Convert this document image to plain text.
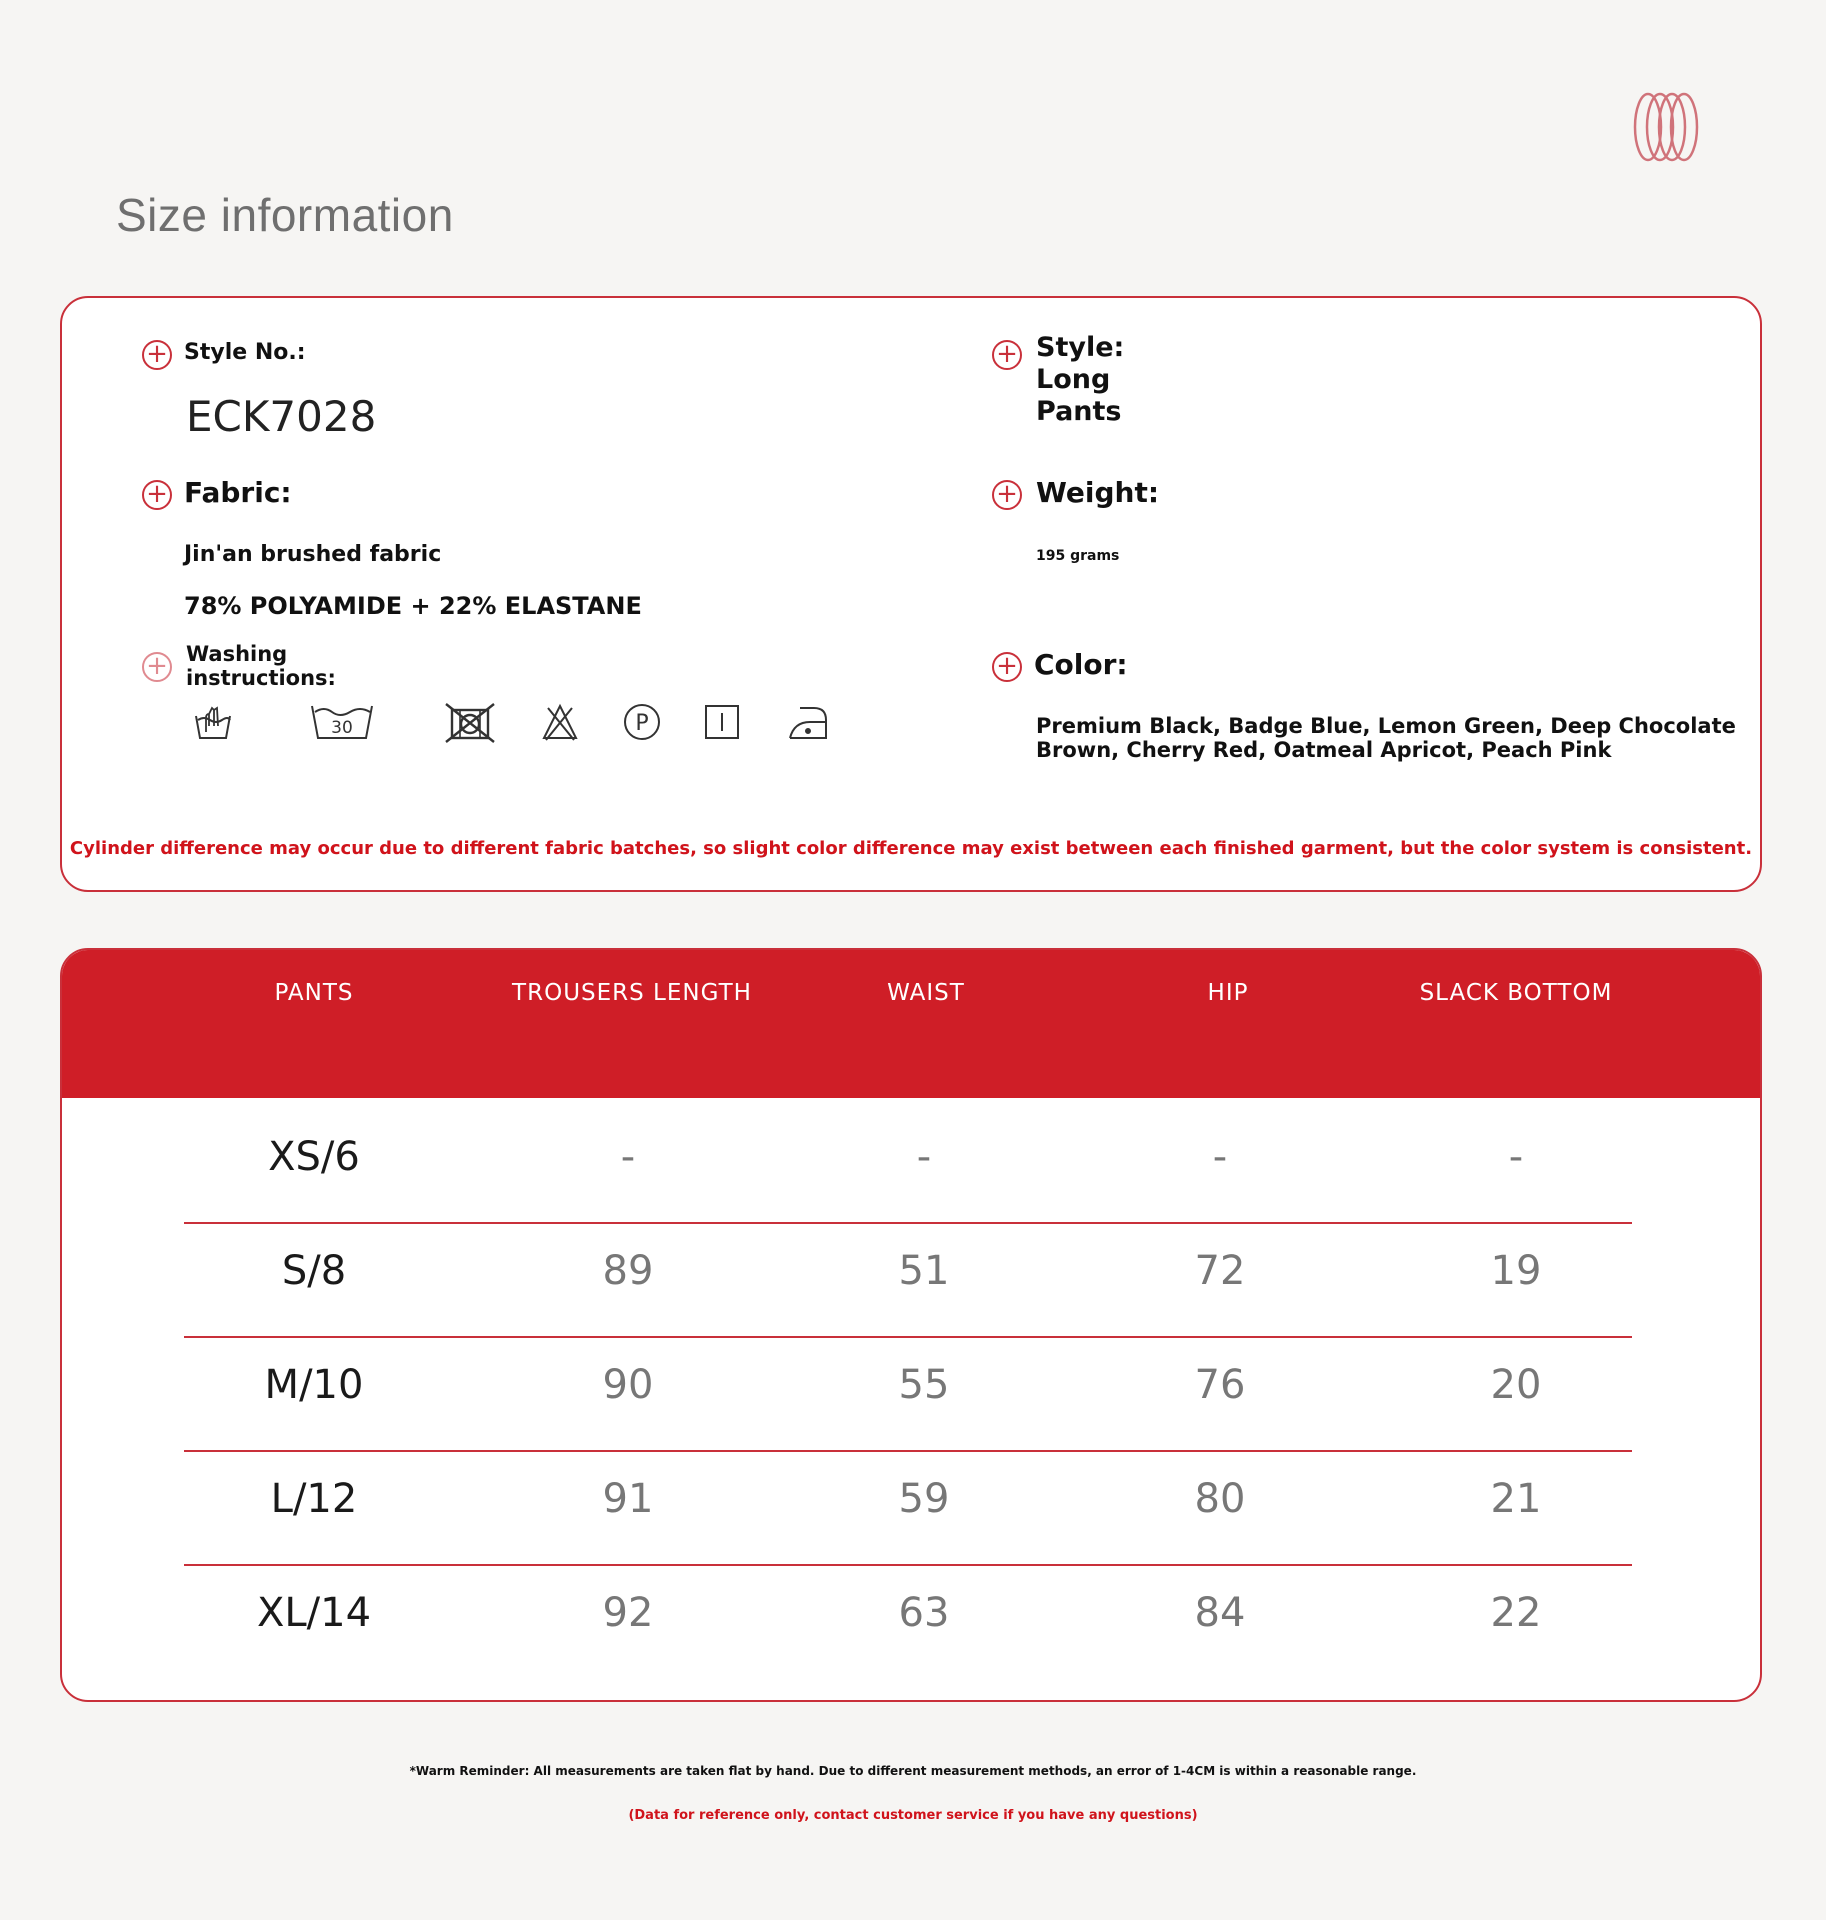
Size information
+ Style No.:
ECK7028
+ Style:
Long
Pants
+ Fabric:
Jin'an brushed fabric
78% POLYAMIDE + 22% ELASTANE
+ Weight:
195 grams
+ Washing
instructions:
30	P
+ Color:
Premium Black, Badge Blue, Lemon Green, Deep Chocolate
Brown, Cherry Red, Oatmeal Apricot, Peach Pink
Cylinder difference may occur due to different fabric batches, so slight color difference may exist between each finished garment, but the color system is consistent.
PANTS	TROUSERS LENGTH	WAIST	HIP	SLACK BOTTOM
XS/6	-	-	-	-
S/8	89	51	72	19
M/10	90	55	76	20
L/12	91	59	80	21
XL/14	92	63	84	22
*Warm Reminder: All measurements are taken flat by hand. Due to different measurement methods, an error of 1-4CM is within a reasonable range.
(Data for reference only, contact customer service if you have any questions)
